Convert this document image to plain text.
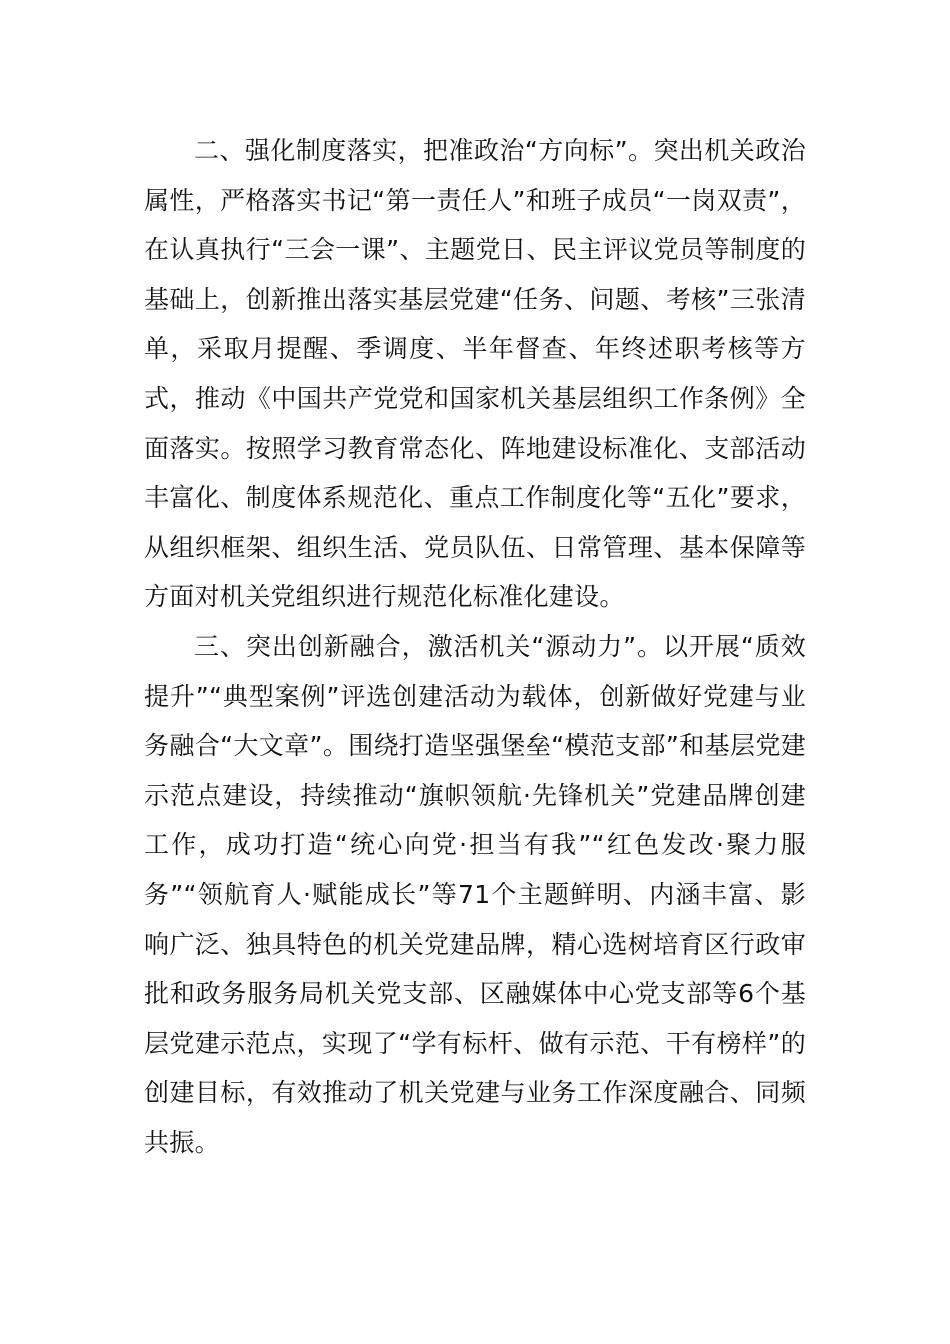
二、强化制度落实，把准政治“方向标”。突出机关政治属性，严格落实书记“第一责任人”和班子成员“一岗双责”，在认真执行“三会一课”、主题党日、民主评议党员等制度的基础上，创新推出落实基层党建“任务、问题、考核”三张清单，采取月提醒、季调度、半年督查、年终述职考核等方式，推动《中国共产党党和国家机关基层组织工作条例》全面落实。按照学习教育常态化、阵地建设标准化、支部活动丰富化、制度体系规范化、重点工作制度化等“五化”要求，从组织框架、组织生活、党员队伍、日常管理、基本保障等方面对机关党组织进行规范化标准化建设。

三、突出创新融合，激活机关“源动力”。以开展“质效提升”“典型案例”评选创建活动为载体，创新做好党建与业务融合“大文章”。围绕打造坚强堡垒“模范支部”和基层党建示范点建设，持续推动“旗帜领航·先锋机关”党建品牌创建工作，成功打造“统心向党·担当有我”“红色发改·聚力服务”“领航育人·赋能成长”等71个主题鲜明、内涵丰富、影响广泛、独具特色的机关党建品牌，精心选树培育区行政审批和政务服务局机关党支部、区融媒体中心党支部等6个基层党建示范点，实现了“学有标杆、做有示范、干有榜样”的创建目标，有效推动了机关党建与业务工作深度融合、同频共振。
